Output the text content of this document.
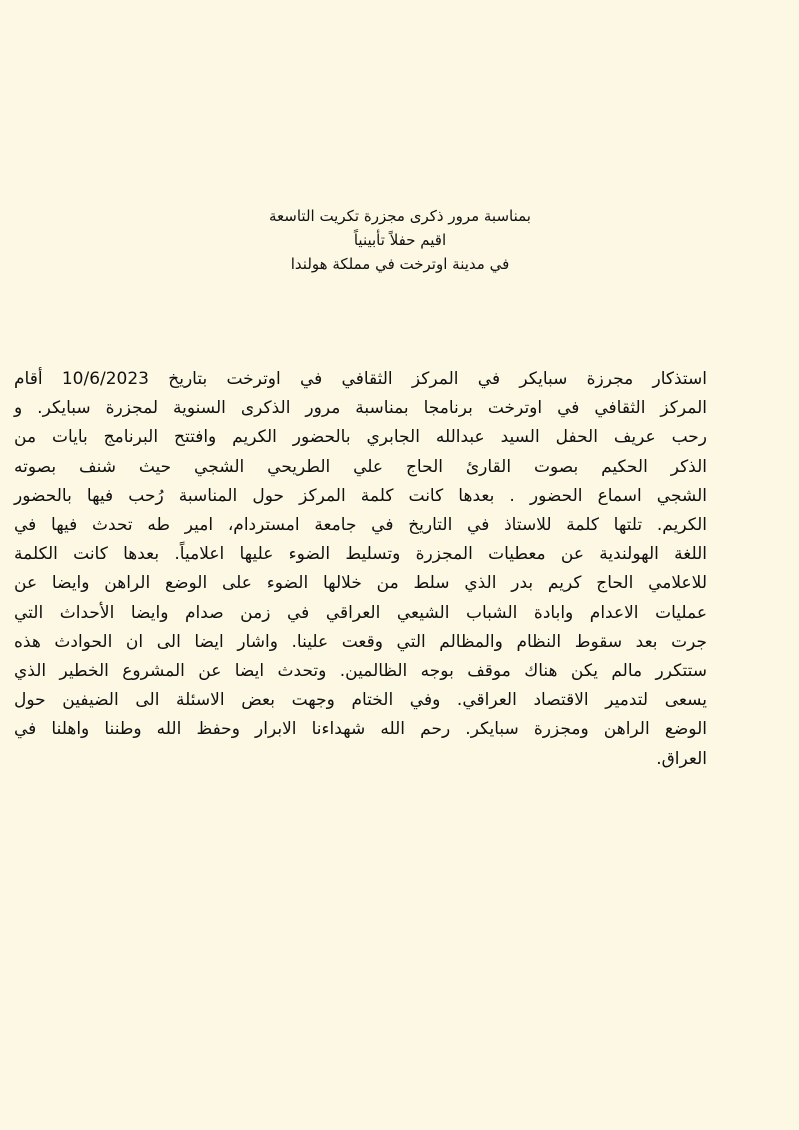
بمناسبة مرور ذكرى مجزرة تكريت التاسعة
اقيم حفلاً تأبينياً
في مدينة اوترخت في مملكة هولندا
استذكار مجرزة سبايكر في المركز الثقافي في اوترخت بتاريخ 10/6/2023 أقام
المركز الثقافي في اوترخت برنامجا بمناسبة مرور الذكرى السنوية لمجزرة سبايكر. و
رحب عريف الحفل السيد عبدالله الجابري بالحضور الكريم وافتتح البرنامج بايات من
الذكر الحكيم بصوت القارئ الحاج علي الطريحي الشجي حيث شنف بصوته
الشجي اسماع الحضور . بعدها كانت كلمة المركز حول المناسبة رُحب فيها بالحضور
الكريم. تلتها كلمة للاستاذ في التاريخ في جامعة امستردام، امير طه تحدث فيها في
اللغة الهولندية عن معطيات المجزرة وتسليط الضوء عليها اعلامياً. بعدها كانت الكلمة
للاعلامي الحاج كريم بدر الذي سلط من خلالها الضوء على الوضع الراهن وايضا عن
عمليات الاعدام وابادة الشباب الشيعي العراقي في زمن صدام وايضا الأحداث التي
جرت بعد سقوط النظام والمظالم التي وقعت علينا. واشار ايضا الى ان الحوادث هذه
ستتكرر مالم يكن هناك موقف بوجه الظالمين. وتحدث ايضا عن المشروع الخطير الذي
يسعى لتدمير الاقتصاد العراقي. وفي الختام وجهت بعض الاسئلة الى الضيفين حول
الوضع الراهن ومجزرة سبايكر. رحم الله شهداءنا الابرار وحفظ الله وطننا واهلنا في
العراق.
